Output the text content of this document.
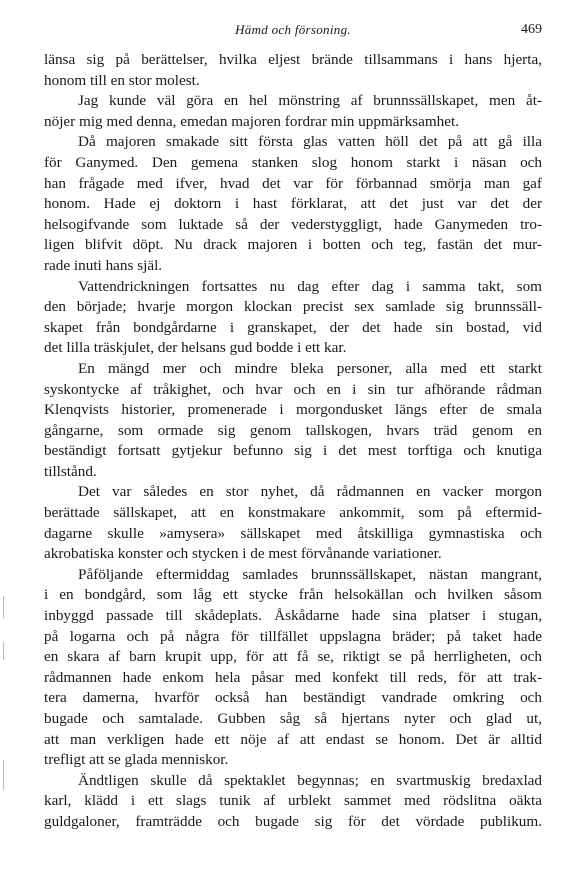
Hämd och försoning.	469
länsa sig på berättelser, hvilka eljest brände tillsammans i hans hjerta,
honom till en stor molest.
Jag kunde väl göra en hel mönstring af brunnssällskapet, men åt-
nöjer mig med denna, emedan majoren fordrar min uppmärksamhet.
Då majoren smakade sitt första glas vatten höll det på att gå illa
för Ganymed. Den gemena stanken slog honom starkt i näsan och
han frågade med ifver, hvad det var för förbannad smörja man gaf
honom. Hade ej doktorn i hast förklarat, att det just var det der
helsogifvande som luktade så der vederstyggligt, hade Ganymeden tro-
ligen blifvit döpt. Nu drack majoren i botten och teg, fastän det mur-
rade inuti hans själ.
Vattendrickningen fortsattes nu dag efter dag i samma takt, som
den började; hvarje morgon klockan precist sex samlade sig brunnssäll-
skapet från bondgårdarne i granskapet, der det hade sin bostad, vid
det lilla träskjulet, der helsans gud bodde i ett kar.
En mängd mer och mindre bleka personer, alla med ett starkt
syskontycke af tråkighet, och hvar och en i sin tur afhörande rådman
Klenqvists historier, promenerade i morgondusket längs efter de smala
gångarne, som ormade sig genom tallskogen, hvars träd genom en
beständigt fortsatt gytjekur befunno sig i det mest torftiga och knutiga
tillstånd.
Det var således en stor nyhet, då rådmannen en vacker morgon
berättade sällskapet, att en konstmakare ankommit, som på eftermid-
dagarne skulle »amysera» sällskapet med åtskilliga gymnastiska och
akrobatiska konster och stycken i de mest förvånande variationer.
Påföljande eftermiddag samlades brunnssällskapet, nästan mangrant,
i en bondgård, som låg ett stycke från helsokällan och hvilken såsom
inbyggd passade till skådeplats. Åskådarne hade sina platser i stugan,
på logarna och på några för tillfället uppslagna bräder; på taket hade
en skara af barn krupit upp, för att få se, riktigt se på herrligheten, och
rådmannen hade enkom hela påsar med konfekt till reds, för att trak-
tera damerna, hvarför också han beständigt vandrade omkring och
bugade och samtalade. Gubben såg så hjertans nyter och glad ut,
att man verkligen hade ett nöje af att endast se honom. Det är alltid
trefligt att se glada menniskor.
Ändtligen skulle då spektaklet begynnas; en svartmuskig bredaxlad
karl, klädd i ett slags tunik af urblekt sammet med rödslitna oäkta
guldgaloner, framträdde och bugade sig för det vördade publikum.
